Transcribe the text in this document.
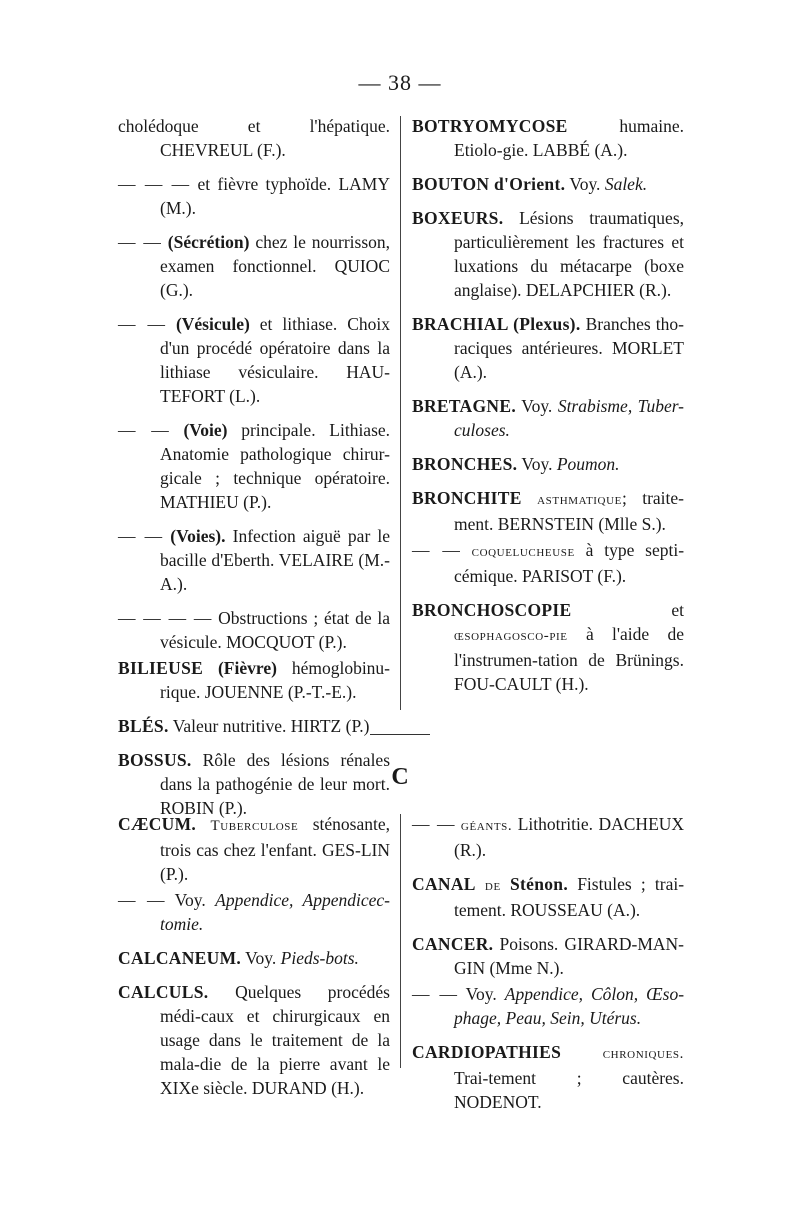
— 38 —
cholédoque et l'hépatique. CHEVREUL (F.).
— — — et fièvre typhoïde. LAMY (M.).
— — (Sécrétion) chez le nourrisson, examen fonctionnel. QUIOC (G.).
— — (Vésicule) et lithiase. Choix d'un procédé opératoire dans la lithiase vésiculaire. HAU-TEFORT (L.).
— — (Voie) principale. Lithiase. Anatomie pathologique chirur-gicale ; technique opératoire. MATHIEU (P.).
— — (Voies). Infection aiguë par le bacille d'Eberth. VELAIRE (M.-A.).
— — — — Obstructions ; état de la vésicule. MOCQUOT (P.).
BILIEUSE (Fièvre) hémoglobinu-rique. JOUENNE (P.-T.-E.).
BLÉS. Valeur nutritive. HIRTZ (P.)
BOSSUS. Rôle des lésions rénales dans la pathogénie de leur mort. ROBIN (P.).
BOTRYOMYCOSE	humaine. Etiolo-gie. LABBÉ (A.).
BOUTON d'Orient. Voy. Salek.
BOXEURS. Lésions traumatiques, particulièrement les fractures et luxations du métacarpe (boxe anglaise). DELAPCHIER (R.).
BRACHIAL (Plexus). Branches tho-raciques antérieures. MORLET (A.).
BRETAGNE. Voy. Strabisme, Tuber-culoses.
BRONCHES. Voy. Poumon.
BRONCHITE asthmatique; traite-ment. BERNSTEIN (Mlle S.).
— — coquelucheuse à type septi-cémique. PARISOT (F.).
BRONCHOSCOPIE	et œsophagosco-pie à l'aide de l'instrumen-tation de Brünings. FOU-CAULT (H.).
C
CÆCUM. Tuberculose sténosante, trois cas chez l'enfant. GES-LIN (P.).
— — Voy. Appendice, Appendicec-tomie.
CALCANEUM. Voy. Pieds-bots.
CALCULS. Quelques procédés médi-caux et chirurgicaux en usage dans le traitement de la mala-die de la pierre avant le XIXe siècle. DURAND (H.).
— — géants. Lithotritie. DACHEUX (R.).
CANAL de Sténon. Fistules ; trai-tement. ROUSSEAU (A.).
CANCER. Poisons. GIRARD-MAN-GIN (Mme N.).
— — Voy. Appendice, Côlon, Œso-phage, Peau, Sein, Utérus.
CARDIOPATHIES	chroniques. Trai-tement ; cautères. NODENOT.
